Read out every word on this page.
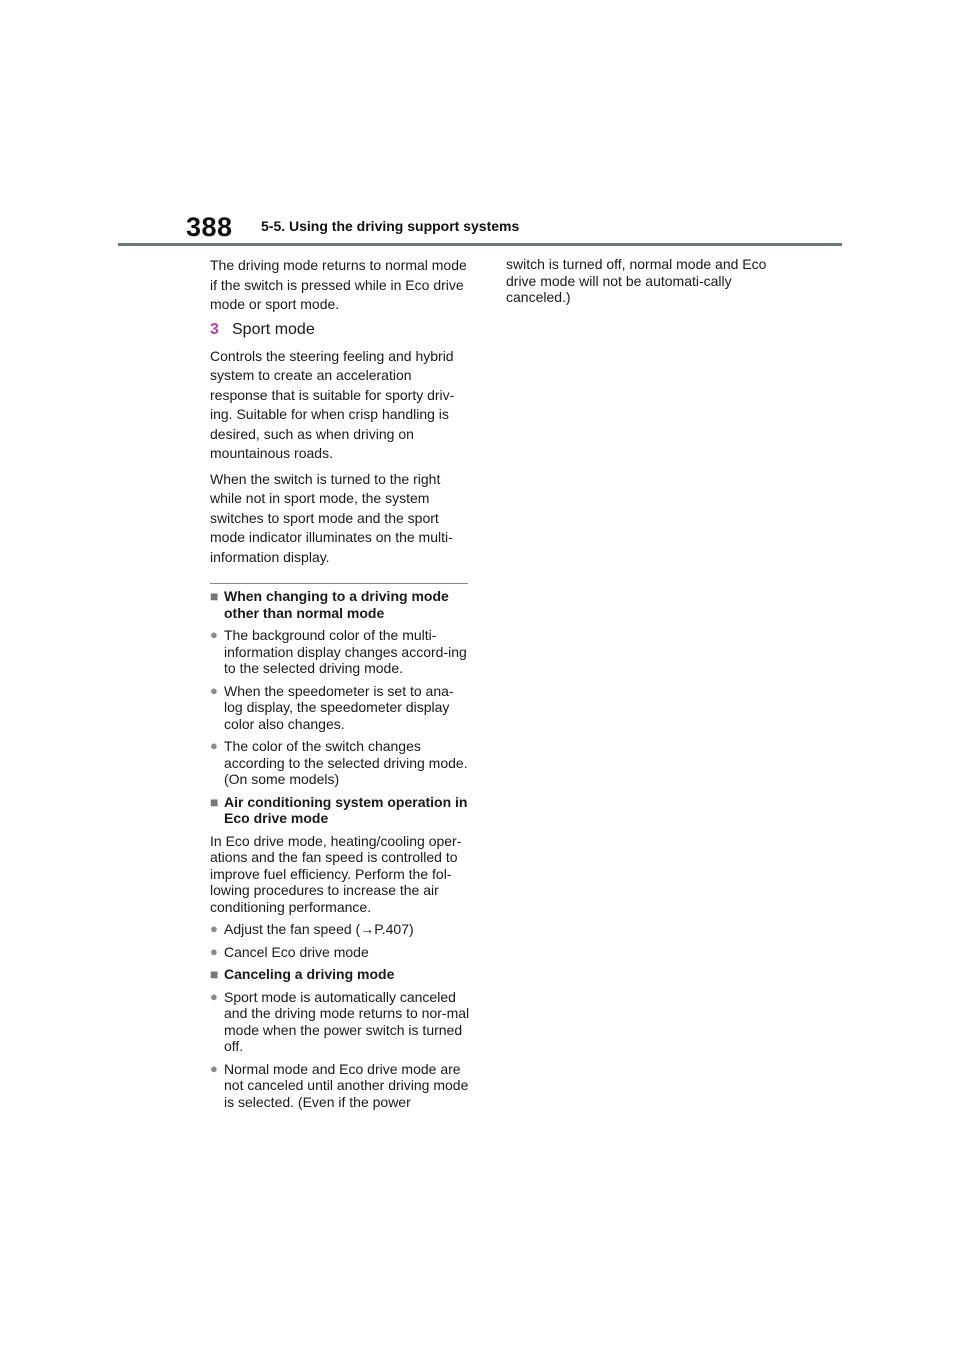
388 5-5. Using the driving support systems

The driving mode returns to normal mode if the switch is pressed while in Eco drive mode or sport mode.

3 Sport mode

Controls the steering feeling and hybrid system to create an acceleration response that is suitable for sporty driv-ing. Suitable for when crisp handling is desired, such as when driving on mountainous roads.

When the switch is turned to the right while not in sport mode, the system switches to sport mode and the sport mode indicator illuminates on the multi-information display.

■ When changing to a driving mode other than normal mode
● The background color of the multi-information display changes accord-ing to the selected driving mode.
● When the speedometer is set to ana-log display, the speedometer display color also changes.
● The color of the switch changes according to the selected driving mode. (On some models)
■ Air conditioning system operation in Eco drive mode

In Eco drive mode, heating/cooling oper-ations and the fan speed is controlled to improve fuel efficiency. Perform the fol-lowing procedures to increase the air conditioning performance.

● Adjust the fan speed (→P.407)
● Cancel Eco drive mode
■ Canceling a driving mode
● Sport mode is automatically canceled and the driving mode returns to nor-mal mode when the power switch is turned off.
● Normal mode and Eco drive mode are not canceled until another driving mode is selected. (Even if the power

switch is turned off, normal mode and Eco drive mode will not be automati-cally canceled.)
